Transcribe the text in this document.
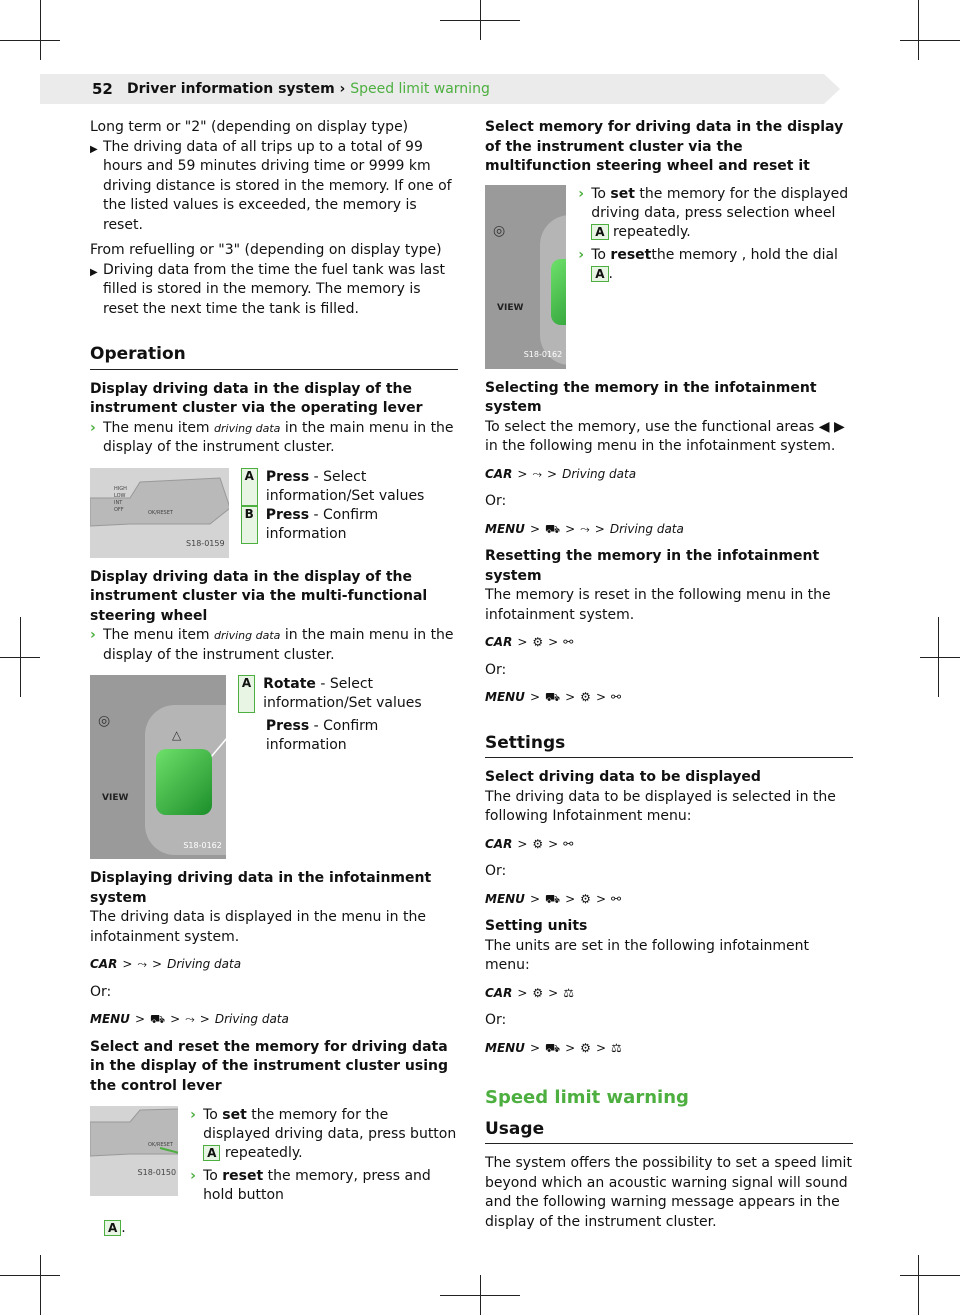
52 Driver information system › Speed limit warning

Long term or "2" (depending on display type)

▶ The driving data of all trips up to a total of 99 hours and 59 minutes driving time or 9999 km driving distance is stored in the memory. If one of the listed values is exceeded, the memory is reset.

From refuelling or "3" (depending on display type)

▶ Driving data from the time the fuel tank was last filled is stored in the memory. The memory is reset the next time the tank is filled.
Operation

Display driving data in the display of the instrument cluster via the operating lever

› The menu item driving data in the main menu in the display of the instrument cluster.
HIGH
LOW
INT
OFF	OK/RESET
S18-0159
A Press - Select information/Set values
B Press - Confirm information

Display driving data in the display of the instrument cluster via the multi-functional steering wheel

› The menu item driving data in the main menu in the display of the instrument cluster.
△
◎
VIEW
S18-0162
A Rotate - Select information/Set values
Press - Confirm information

Displaying driving data in the infotainment system

The driving data is displayed in the menu in the infotainment system.

CAR > ⤳ > Driving data

Or:

MENU > ⛟ > ⤳ > Driving data

Select and reset the memory for driving data in the display of the instrument cluster using the control lever

OK/RESET
S18-0150
› To set the memory for the displayed driving data, press button A repeatedly.
› To reset the memory, press and hold button
A .

Select memory for driving data in the display of the instrument cluster via the multifunction steering wheel and reset it

◎
VIEW
S18-0162
› To set the memory for the displayed driving data, press selection wheel A repeatedly.
› To resetthe memory , hold the dial A .

Selecting the memory in the infotainment system

To select the memory, use the functional areas ◀ ▶ in the following menu in the infotainment system.

CAR > ⤳ > Driving data

Or:

MENU > ⛟ > ⤳ > Driving data

Resetting the memory in the infotainment system

The memory is reset in the following menu in the infotainment system.

CAR > ⚙ > ⚯

Or:

MENU > ⛟ > ⚙ > ⚯
Settings

Select driving data to be displayed

The driving data to be displayed is selected in the following Infotainment menu:

CAR > ⚙ > ⚯

Or:

MENU > ⛟ > ⚙ > ⚯

Setting units

The units are set in the following infotainment menu:

CAR > ⚙ > ⚖

Or:

MENU > ⛟ > ⚙ > ⚖
Speed limit warning
Usage

The system offers the possibility to set a speed limit beyond which an acoustic warning signal will sound and the following warning message appears in the display of the instrument cluster.
